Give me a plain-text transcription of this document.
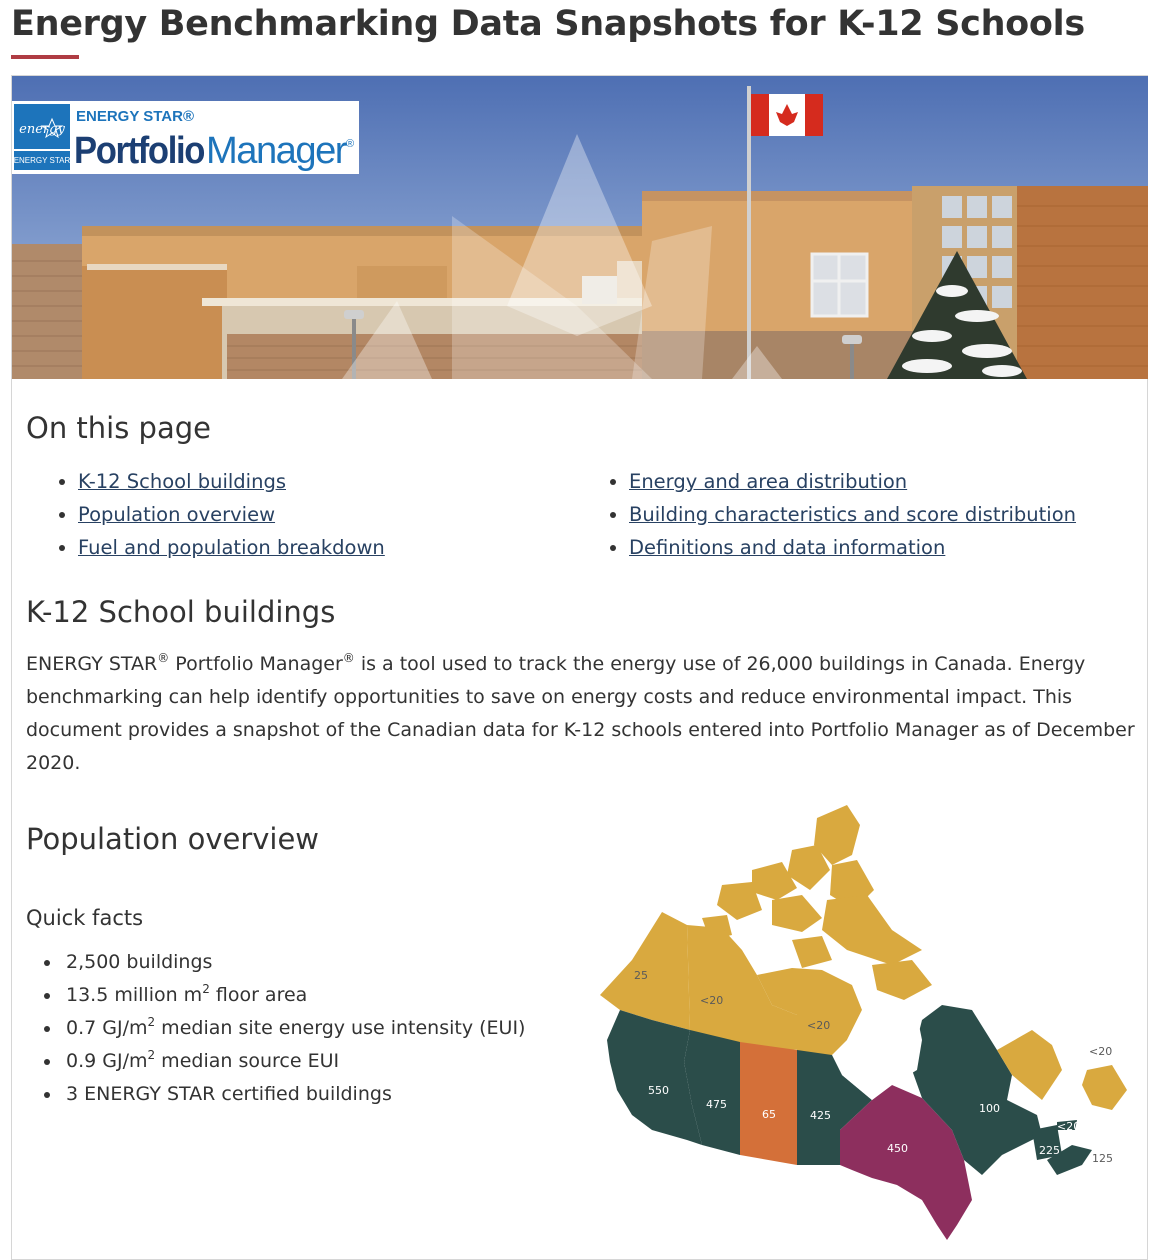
Energy Benchmarking Data Snapshots for K-12 Schools
energy
ENERGY STAR
ENERGY STAR®
Portfolio Manager
®
On this page
K-12 School buildings
Population overview
Fuel and population breakdown
Energy and area distribution
Building characteristics and score distribution
Definitions and data information
K-12 School buildings

ENERGY STAR® Portfolio Manager® is a tool used to track the energy use of 26,000 buildings in Canada. Energy benchmarking can help identify opportunities to save on energy costs and reduce environmental impact. This document provides a snapshot of the Canadian data for K-12 schools entered into Portfolio Manager as of December 2020.

Population overview
Quick facts
2,500 buildings
13.5 million $m^2$ floor area
0.7 $GJ/m^2$ median site energy use intensity (EUI)
0.9 $GJ/m^2$ median source EUI
3 ENERGY STAR certified buildings
25
<20
<20
<20
550
475
65	425
450
100
<20
225
125
